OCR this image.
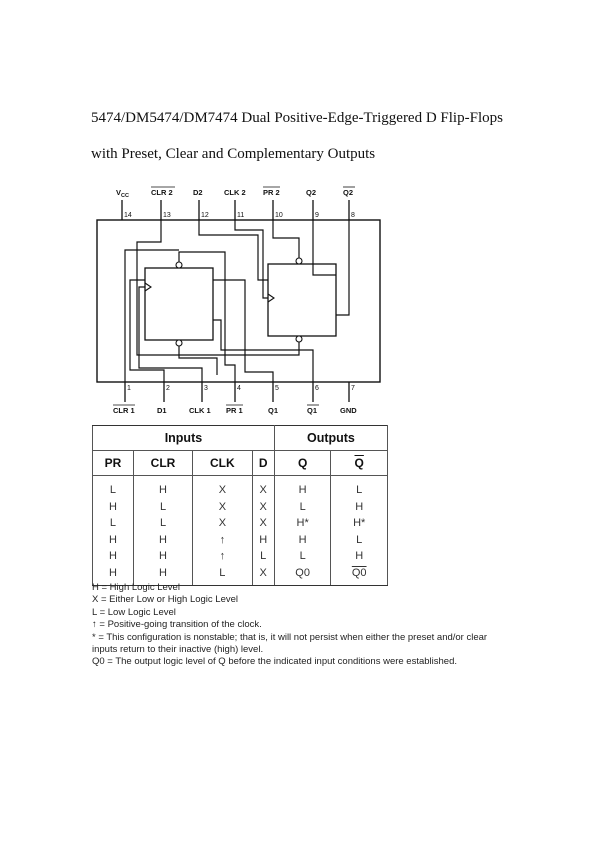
5474/DM5474/DM7474 Dual Positive-Edge-Triggered D Flip-Flops
with Preset, Clear and Complementary Outputs
$V_{CC}$	CLR 2	D2	CLK 2 PR 2	Q2	Q2
14	13	12	11	10	9	8
1	2	3	4	5	6	7
CLR 1	D1	CLK 1 PR 1	Q1	Q1	GND
Inputs				Outputs	
PR	CLR	CLK	D	Q	$\overline{Q}$
L	H	X	X	H	L
H	L	X	X	L	H
L	L	X	X	H*	H*
H	H	↑	H	H	L
H	H	↑	L	L	H
H	H	L	X	Q0	Q0
H = High Logic Level
X = Either Low or High Logic Level
L = Low Logic Level
↑ = Positive-going transition of the clock.
* = This configuration is nonstable; that is, it will not persist when either the preset and/or clear
inputs return to their inactive (high) level.
Q0 = The output logic level of Q before the indicated input conditions were established.
